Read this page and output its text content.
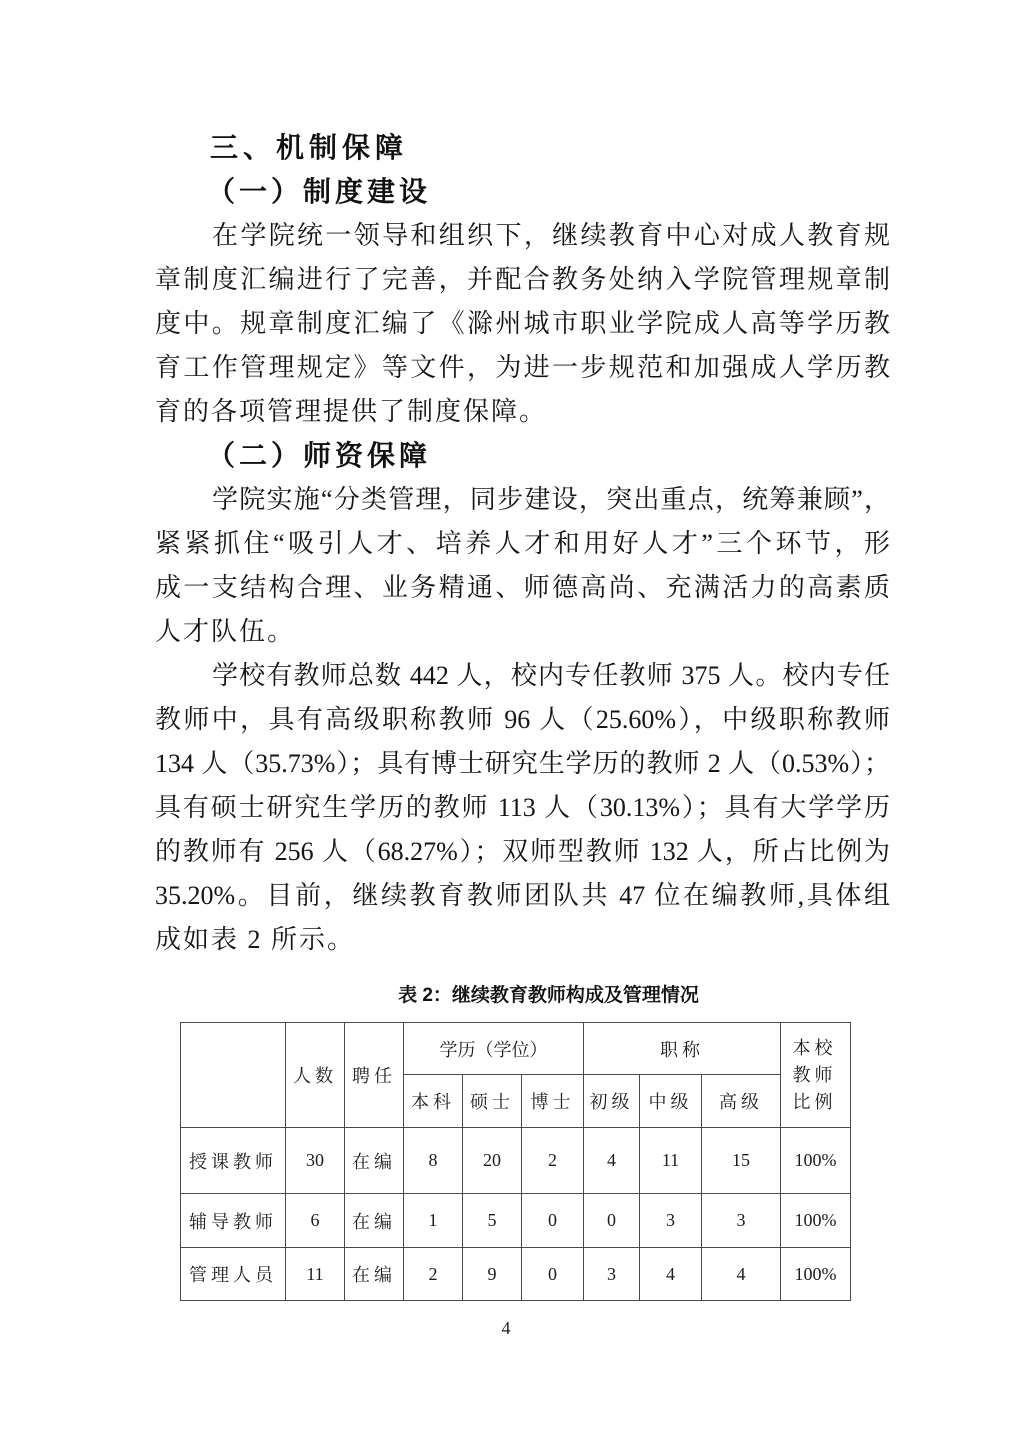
三、机制保障
（一）制度建设
在学院统一领导和组织下，继续教育中心对成人教育规
章制度汇编进行了完善，并配合教务处纳入学院管理规章制
度中。规章制度汇编了《滁州城市职业学院成人高等学历教
育工作管理规定》等文件，为进一步规范和加强成人学历教
育的各项管理提供了制度保障。
（二）师资保障
学院实施“分类管理，同步建设，突出重点，统筹兼顾”，
紧紧抓住“吸引人才、培养人才和用好人才”三个环节，形
成一支结构合理、业务精通、师德高尚、充满活力的高素质
人才队伍。
学校有教师总数 442 人，校内专任教师 375 人。校内专任
教师中，具有高级职称教师 96 人（25.60%），中级职称教师
134 人（35.73%）；具有博士研究生学历的教师 2 人（0.53%）；
具有硕士研究生学历的教师 113 人（30.13%）；具有大学学历
的教师有 256 人（68.27%）；双师型教师 132 人，所占比例为
35.20%。目前，继续教育教师团队共 47 位在编教师,具体组
成如表 2 所示。
表 2：继续教育教师构成及管理情况
	人数	聘任	学历（学位）			职称			本校教师比例
			本科	硕士	博士	初级	中级	高级	
授课教师	30	在编	8	20	2	4	11	15	100%
辅导教师	6	在编	1	5	0	0	3	3	100%
管理人员	11	在编	2	9	0	3	4	4	100%
4
